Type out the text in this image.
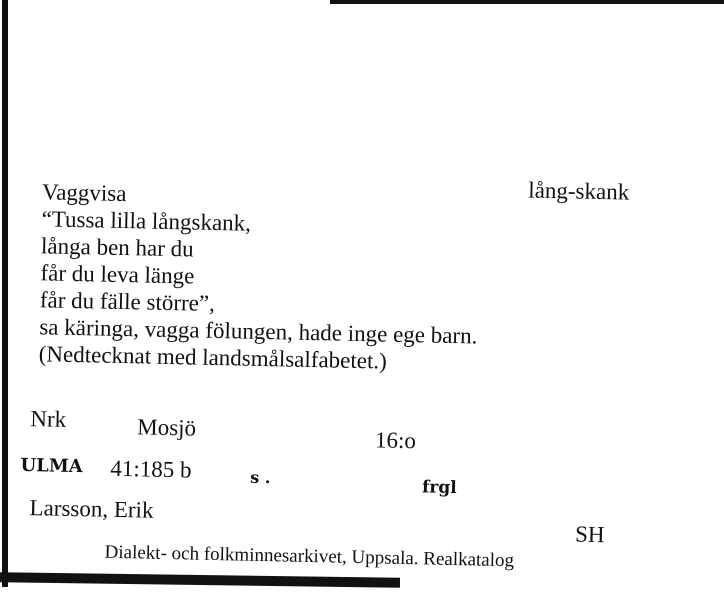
lång-skank
Vaggvisa
“Tussa lilla långskank,
långa ben har du
får du leva länge
får du fälle större”,
sa käringa, vagga fölungen, hade inge ege barn.
(Nedtecknat med landsmålsalfabetet.)
Nrk	Mosjö	16:o
ULMA 41:185 b	s .	frgl
Larsson, Erik
SH
Dialekt- och folkminnesarkivet, Uppsala. Realkatalog
